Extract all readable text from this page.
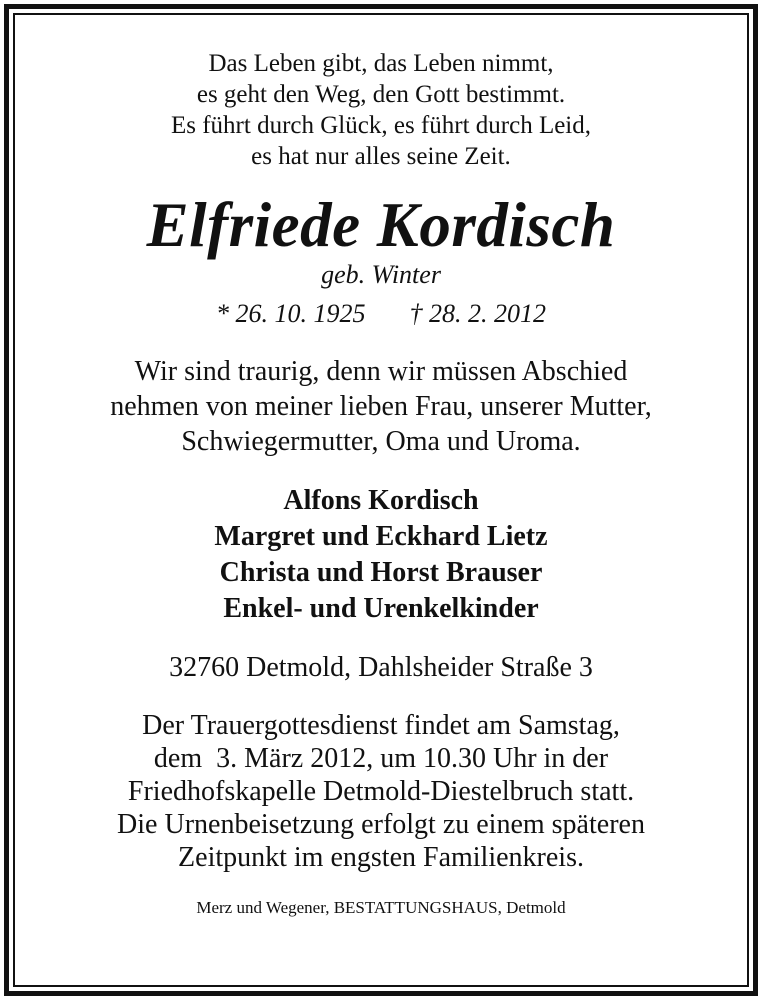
Das Leben gibt, das Leben nimmt,
es geht den Weg, den Gott bestimmt.
Es führt durch Glück, es führt durch Leid,
es hat nur alles seine Zeit.
Elfriede Kordisch
geb. Winter
* 26. 10. 1925 † 28. 2. 2012
Wir sind traurig, denn wir müssen Abschied
nehmen von meiner lieben Frau, unserer Mutter,
Schwiegermutter, Oma und Uroma.
Alfons Kordisch
Margret und Eckhard Lietz
Christa und Horst Brauser
Enkel- und Urenkelkinder
32760 Detmold, Dahlsheider Straße 3
Der Trauergottesdienst findet am Samstag,
dem  3. März 2012, um 10.30 Uhr in der
Friedhofskapelle Detmold-Diestelbruch statt.
Die Urnenbeisetzung erfolgt zu einem späteren
Zeitpunkt im engsten Familienkreis.
Merz und Wegener, BESTATTUNGSHAUS, Detmold
